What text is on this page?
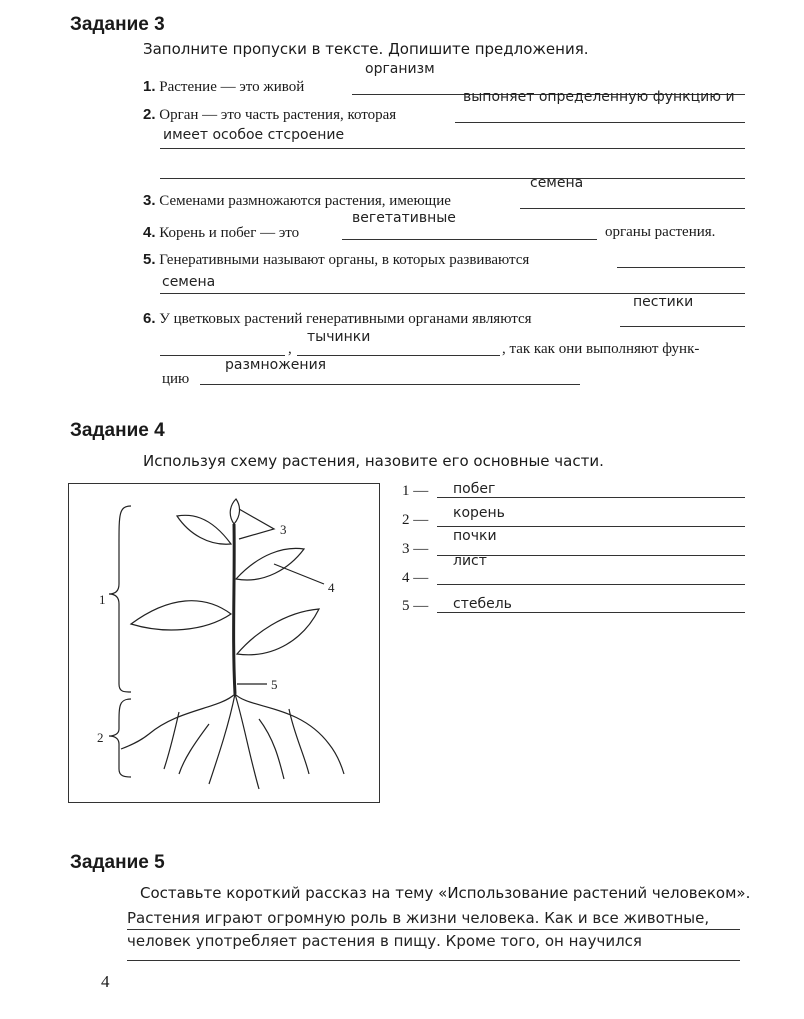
Задание 3
Заполните пропуски в тексте. Допишите предложения.
1. Растение — это живой
организм
2. Орган — это часть растения, которая
выпоняет определенную функцию и
имеет особое стсроение
семена
3. Семенами размножаются растения, имеющие
вегетативные
4. Корень и побег — это	органы растения.
5. Генеративными называют органы, в которых развиваются
семена
пестики
6. У цветковых растений генеративными органами являются
тычинки
,	, так как они выполняют функ-
размножения
цию
Задание 4
Используя схему растения, назовите его основные части.
1
2
3
4
5
1 — побег
2 — корень
3 —
почки
4 —
лист
5 — стебель
Задание 5
Составьте короткий рассказ на тему «Использование растений человеком».
Растения играют огромную роль в жизни человека. Как и все животные,
человек употребляет растения в пищу. Кроме того, он научился
4
